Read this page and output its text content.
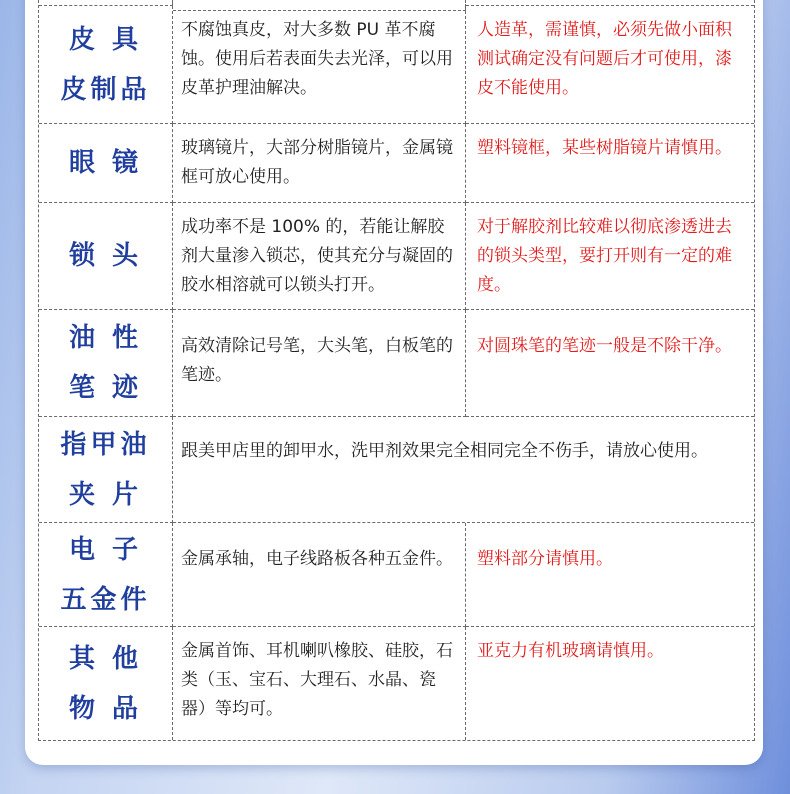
皮 具
皮制品
不腐蚀真皮，对大多数 PU 革不腐蚀。使用后若表面失去光泽，可以用皮革护理油解决。
人造革，需谨慎，必须先做小面积测试确定没有问题后才可使用，漆皮不能使用。
眼 镜	玻璃镜片，大部分树脂镜片，金属镜框可放心使用。
塑料镜框，某些树脂镜片请慎用。
锁 头
成功率不是 100% 的，若能让解胶剂大量渗入锁芯，使其充分与凝固的胶水相溶就可以锁头打开。
对于解胶剂比较难以彻底渗透进去的锁头类型，要打开则有一定的难度。
油 性
笔 迹
高效清除记号笔，大头笔，白板笔的笔迹。
对圆珠笔的笔迹一般是不除干净。
指甲油
夹 片
跟美甲店里的卸甲水，洗甲剂效果完全相同完全不伤手，请放心使用。
电 子
五金件
金属承轴，电子线路板各种五金件。	塑料部分请慎用。
其 他
物 品
金属首饰、耳机喇叭橡胶、硅胶，石类（玉、宝石、大理石、水晶、瓷器）等均可。
亚克力有机玻璃请慎用。
